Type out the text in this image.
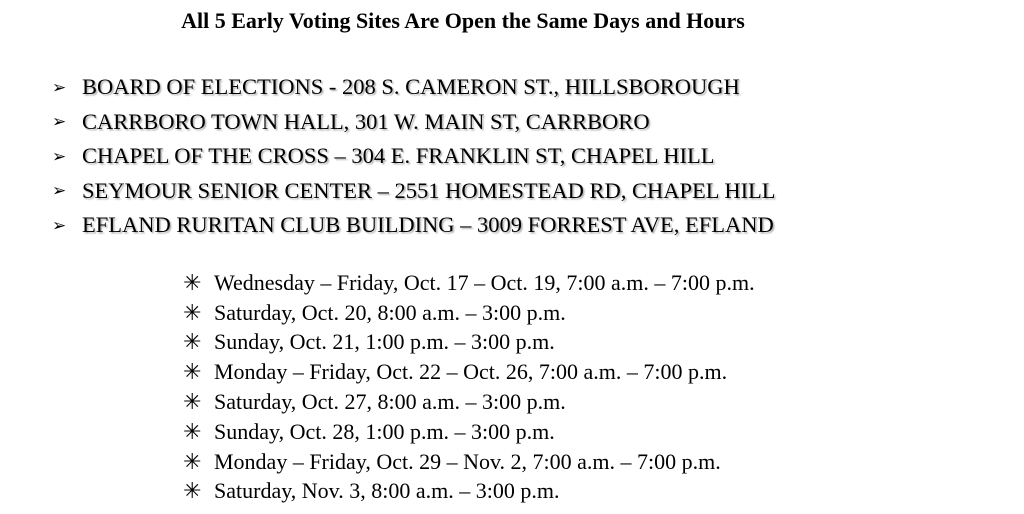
All 5 Early Voting Sites Are Open the Same Days and Hours
➢ BOARD OF ELECTIONS - 208 S. CAMERON ST., HILLSBOROUGH
➢ CARRBORO TOWN HALL, 301 W. MAIN ST, CARRBORO
➢ CHAPEL OF THE CROSS – 304 E. FRANKLIN ST, CHAPEL HILL
➢ SEYMOUR SENIOR CENTER – 2551 HOMESTEAD RD, CHAPEL HILL
➢ EFLAND RURITAN CLUB BUILDING – 3009 FORREST AVE, EFLAND
✳ Wednesday – Friday, Oct. 17 – Oct. 19, 7:00 a.m. – 7:00 p.m.
✳ Saturday, Oct. 20, 8:00 a.m. – 3:00 p.m.
✳ Sunday, Oct. 21, 1:00 p.m. – 3:00 p.m.
✳ Monday – Friday, Oct. 22 – Oct. 26, 7:00 a.m. – 7:00 p.m.
✳ Saturday, Oct. 27, 8:00 a.m. – 3:00 p.m.
✳ Sunday, Oct. 28, 1:00 p.m. – 3:00 p.m.
✳ Monday – Friday, Oct. 29 – Nov. 2, 7:00 a.m. – 7:00 p.m.
✳ Saturday, Nov. 3, 8:00 a.m. – 3:00 p.m.
